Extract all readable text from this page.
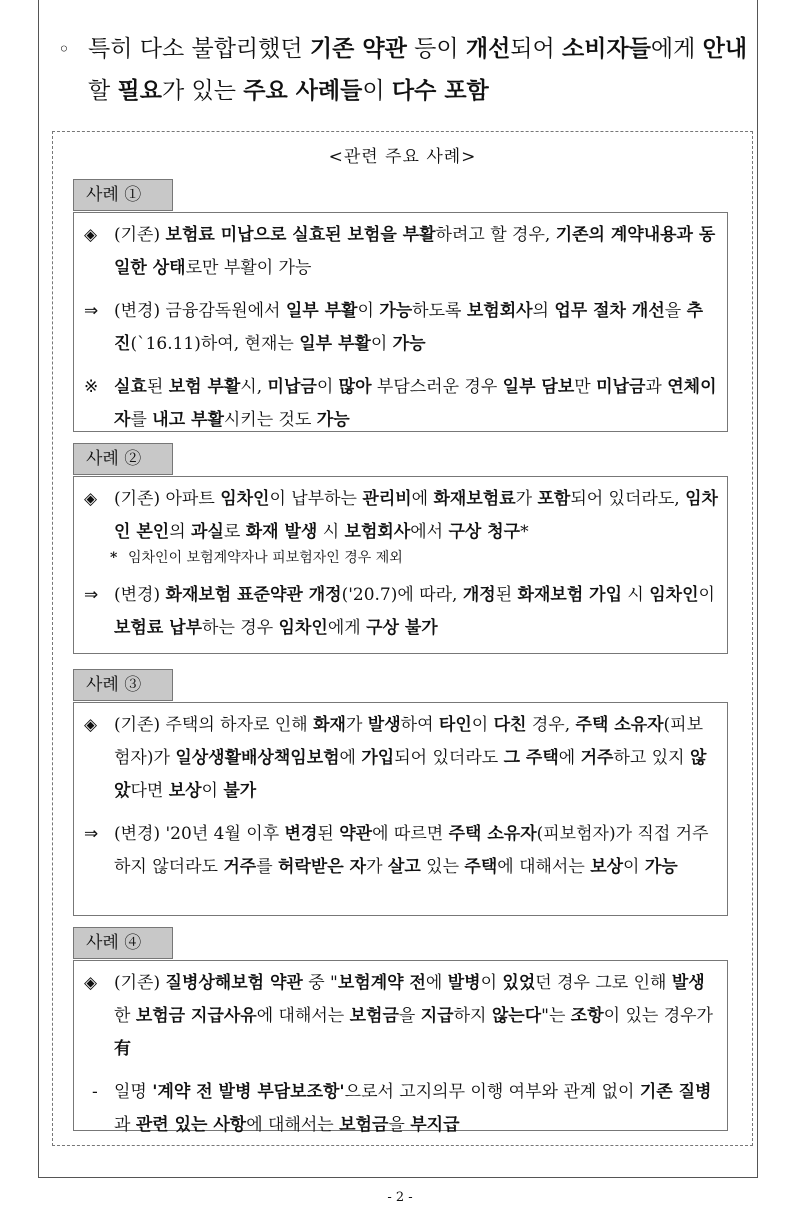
◦ 특히 다소 불합리했던 기존 약관 등이 개선되어 소비자들에게 안내할 필요가 있는 주요 사례들이 다수 포함
<관련 주요 사례>
사례 ①
◈ (기존) 보험료 미납으로 실효된 보험을 부활하려고 할 경우, 기존의 계약내용과 동일한 상태로만 부활이 가능
⇒ (변경) 금융감독원에서 일부 부활이 가능하도록 보험회사의 업무 절차 개선을 추진(`16.11)하여, 현재는 일부 부활이 가능
※ 실효된 보험 부활시, 미납금이 많아 부담스러운 경우 일부 담보만 미납금과 연체이자를 내고 부활시키는 것도 가능
사례 ②
◈ (기존) 아파트 임차인이 납부하는 관리비에 화재보험료가 포함되어 있더라도, 임차인 본인의 과실로 화재 발생 시 보험회사에서 구상 청구*
* 임차인이 보험계약자나 피보험자인 경우 제외
⇒ (변경) 화재보험 표준약관 개정('20.7)에 따라, 개정된 화재보험 가입 시 임차인이 보험료 납부하는 경우 임차인에게 구상 불가
사례 ③
◈ (기존) 주택의 하자로 인해 화재가 발생하여 타인이 다친 경우, 주택 소유자(피보험자)가 일상생활배상책임보험에 가입되어 있더라도 그 주택에 거주하고 있지 않았다면 보상이 불가
⇒ (변경) '20년 4월 이후 변경된 약관에 따르면 주택 소유자(피보험자)가 직접 거주하지 않더라도 거주를 허락받은 자가 살고 있는 주택에 대해서는 보상이 가능
사례 ④
◈ (기존) 질병상해보험 약관 중 "보험계약 전에 발병이 있었던 경우 그로 인해 발생한 보험금 지급사유에 대해서는 보험금을 지급하지 않는다"는 조항이 있는 경우가 有
- 일명 '계약 전 발병 부담보조항'으로서 고지의무 이행 여부와 관계 없이 기존 질병과 관련 있는 사항에 대해서는 보험금을 부지급
- 2 -
